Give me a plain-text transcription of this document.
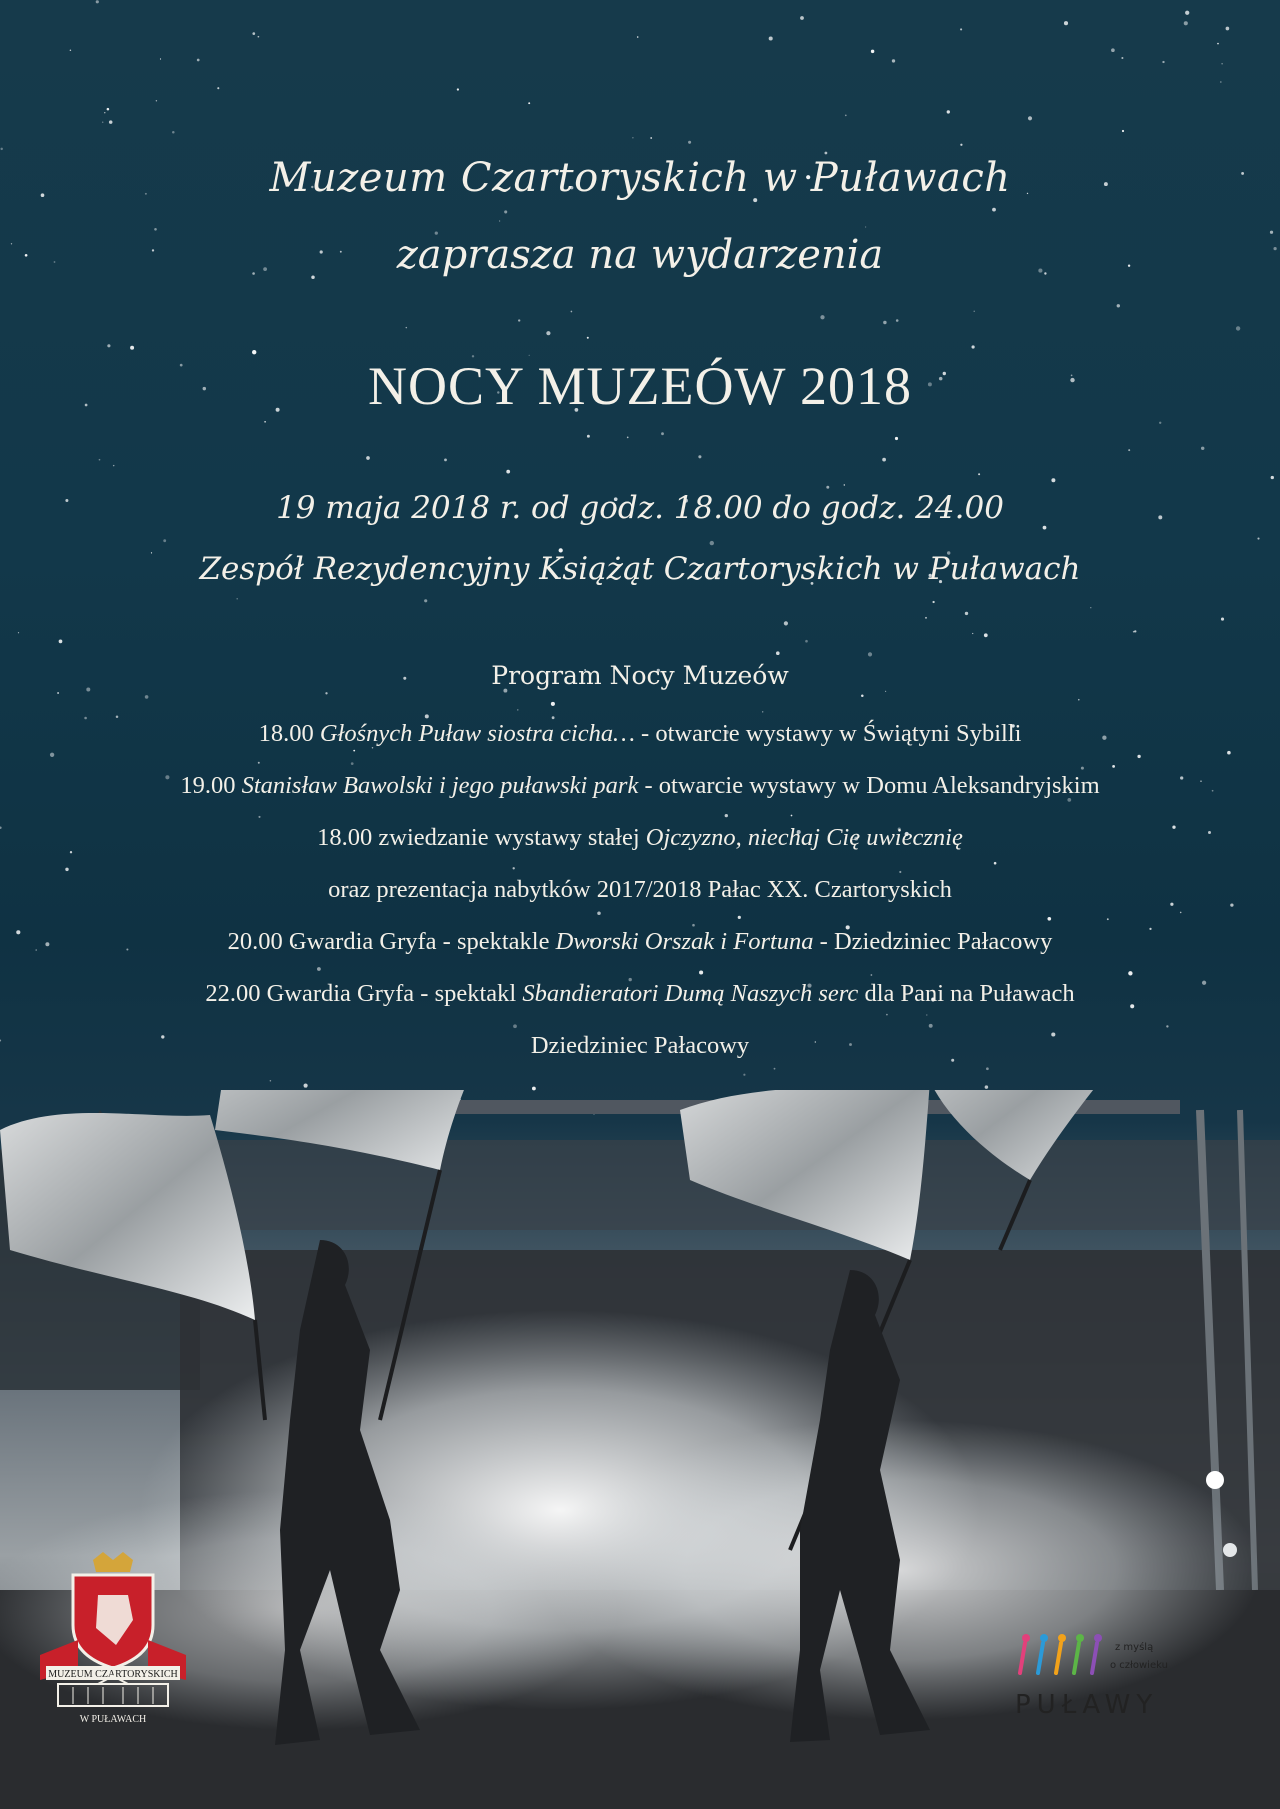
Muzeum Czartoryskich w Puławach
zaprasza na wydarzenia
NOCY MUZEÓW 2018
19 maja 2018 r. od godz. 18.00 do godz. 24.00
Zespół Rezydencyjny Książąt Czartoryskich w Puławach
Program Nocy Muzeów
18.00 Głośnych Puław siostra cicha… - otwarcie wystawy w Świątyni Sybilli
19.00 Stanisław Bawolski i jego puławski park - otwarcie wystawy w Domu Aleksandryjskim
18.00 zwiedzanie wystawy stałej Ojczyzno, niechaj Cię uwiecznię
oraz prezentacja nabytków 2017/2018 Pałac XX. Czartoryskich
20.00 Gwardia Gryfa - spektakle Dworski Orszak i Fortuna - Dziedziniec Pałacowy
22.00 Gwardia Gryfa - spektakl Sbandieratori Dumą Naszych serc dla Pani na Puławach
Dziedziniec Pałacowy
MUZEUM CZARTORYSKICH
W PUŁAWACH
z myślą
o człowieku
PUŁAWY
